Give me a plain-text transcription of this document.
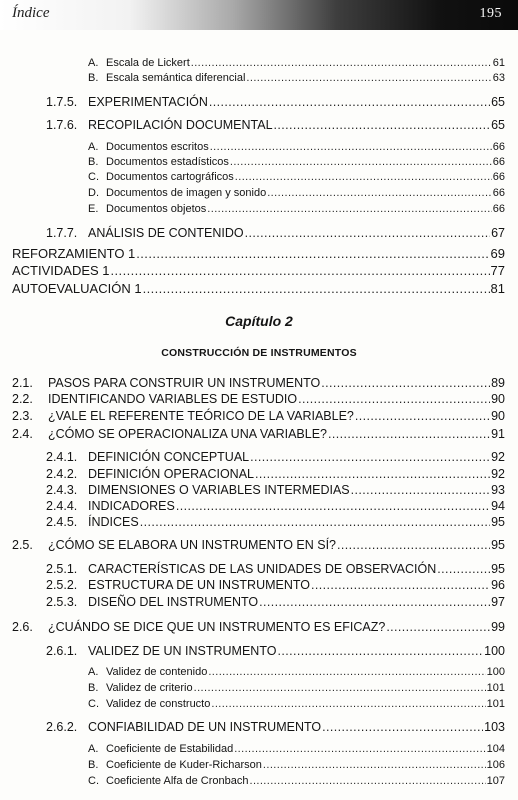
Índice	195
Capítulo 2
CONSTRUCCIÓN DE INSTRUMENTOS
A. Escala de Lickert .....	61
B. Escala semántica diferencial .....	63
1.7.5. EXPERIMENTACIÓN .....	65
1.7.6. RECOPILACIÓN DOCUMENTAL .....	65
A. Documentos escritos .....	66
B. Documentos estadísticos .....	66
C. Documentos cartográficos .....	66
D. Documentos de imagen y sonido .....	66
E. Documentos objetos .....	66
1.7.7. ANÁLISIS DE CONTENIDO .....	67
REFORZAMIENTO 1 .....	69
ACTIVIDADES 1 .....	77
AUTOEVALUACIÓN 1 .....	81
2.1.	PASOS PARA CONSTRUIR UN INSTRUMENTO .....	89
2.2.	IDENTIFICANDO VARIABLES DE ESTUDIO .....	90
2.3.	¿VALE EL REFERENTE TEÓRICO DE LA VARIABLE? .....	90
2.4.	¿CÓMO SE OPERACIONALIZA UNA VARIABLE? .....	91
2.4.1. DEFINICIÓN CONCEPTUAL .....	92
2.4.2. DEFINICIÓN OPERACIONAL .....	92
2.4.3. DIMENSIONES O VARIABLES INTERMEDIAS .....	93
2.4.4. INDICADORES .....	94
2.4.5. ÍNDICES .....	95
2.5.	¿CÓMO SE ELABORA UN INSTRUMENTO EN SÍ? .....	95
2.5.1. CARACTERÍSTICAS DE LAS UNIDADES DE OBSERVACIÓN .....	95
2.5.2. ESTRUCTURA DE UN INSTRUMENTO .....	96
2.5.3. DISEÑO DEL INSTRUMENTO .....	97
2.6.	¿CUÁNDO SE DICE QUE UN INSTRUMENTO ES EFICAZ? .....	99
2.6.1. VALIDEZ DE UN INSTRUMENTO .....	100
A. Validez de contenido .....	100
B. Validez de criterio .....	101
C. Validez de constructo .....	101
2.6.2. CONFIABILIDAD DE UN INSTRUMENTO .....	103
A. Coeficiente de Estabilidad .....	104
B. Coeficiente de Kuder-Richarson .....	106
C. Coeficiente Alfa de Cronbach .....	107
